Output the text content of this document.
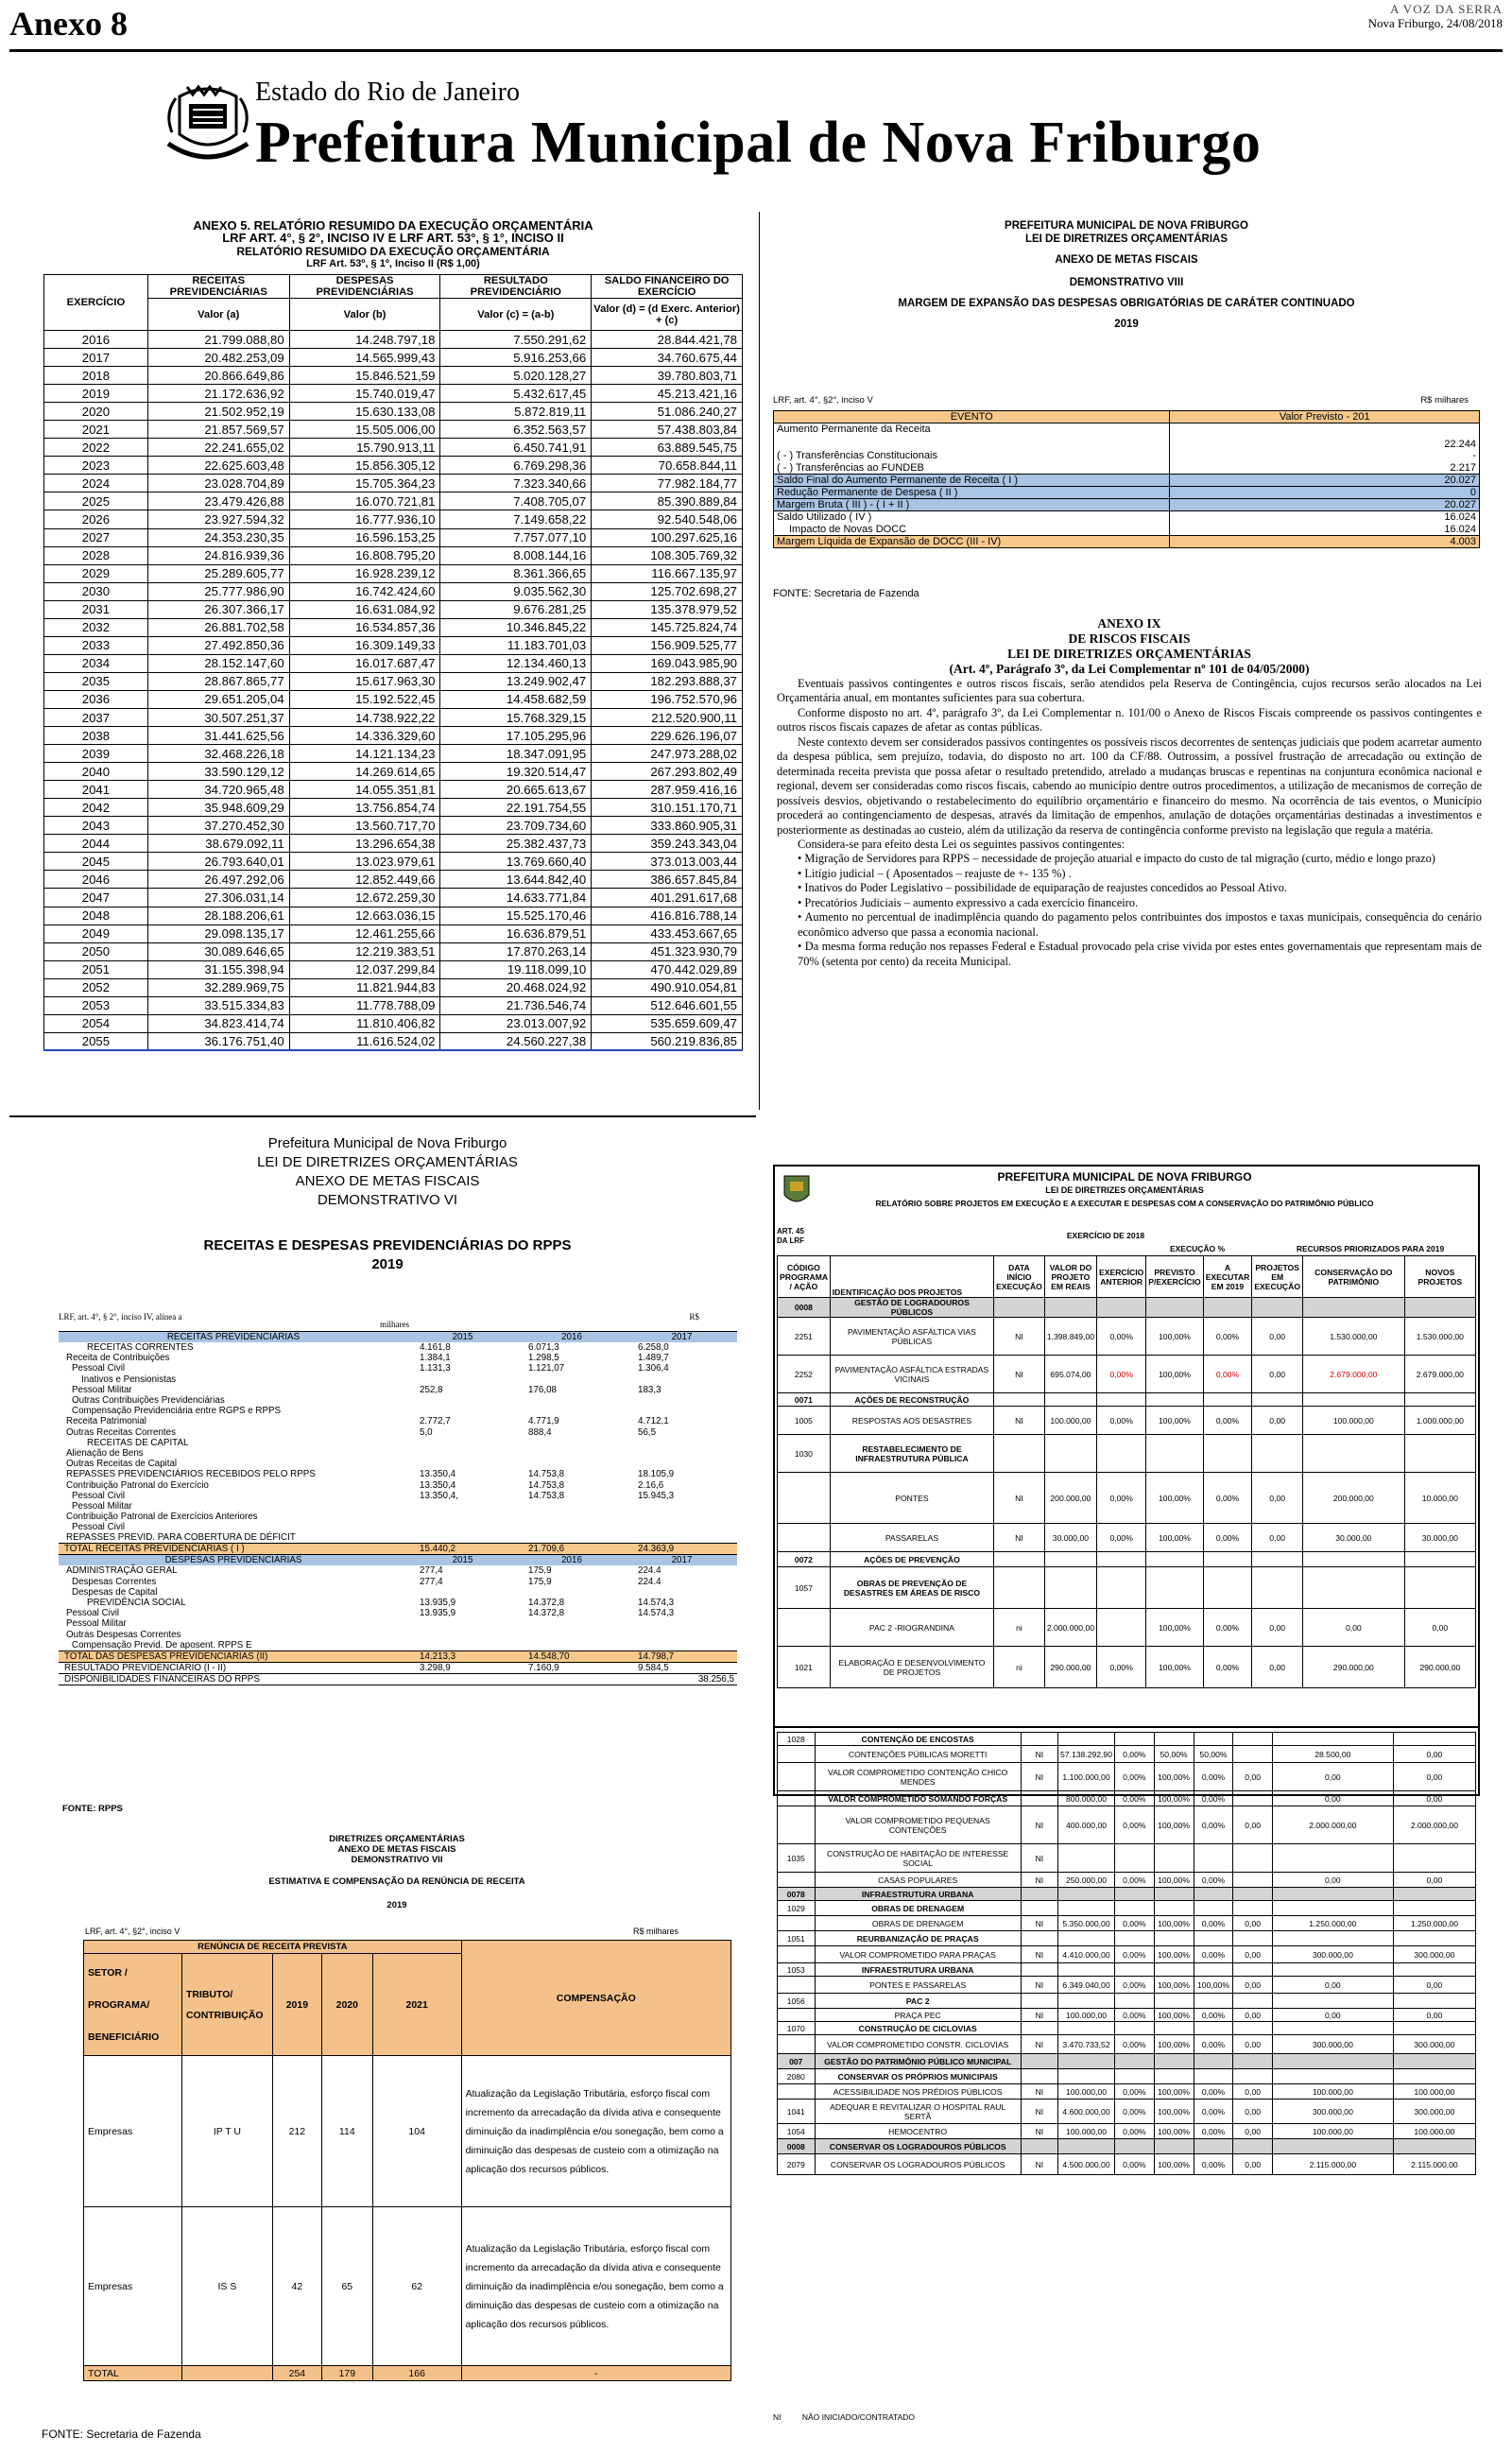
Anexo 8	A VOZ DA SERRA
Nova Friburgo, 24/08/2018
Estado do Rio de Janeiro
Prefeitura Municipal de Nova Friburgo
ANEXO 5. RELATÓRIO RESUMIDO DA EXECUÇÃO ORÇAMENTÁRIA
LRF ART. 4°, § 2°, INCISO IV E LRF ART. 53°, § 1°, INCISO II
RELATÓRIO RESUMIDO DA EXECUÇÃO ORÇAMENTÁRIA
LRF Art. 53º, § 1º, Inciso II (R$ 1,00)
EXERCÍCIO	RECEITAS PREVIDENCIÁRIAS	DESPESAS PREVIDENCIÁRIAS	RESULTADO PREVIDENCIÁRIO	SALDO FINANCEIRO DO EXERCÍCIO
	Valor (a)	Valor (b)	Valor (c) = (a-b)	Valor (d) = (d Exerc. Anterior) + (c)
2016	21.799.088,80	14.248.797,18	7.550.291,62	28.844.421,78
2017	20.482.253,09	14.565.999,43	5.916.253,66	34.760.675,44
2018	20.866.649,86	15.846.521,59	5.020.128,27	39.780.803,71
2019	21.172.636,92	15.740.019,47	5.432.617,45	45.213.421,16
2020	21.502.952,19	15.630.133,08	5.872.819,11	51.086.240,27
2021	21.857.569,57	15.505.006,00	6.352.563,57	57.438.803,84
2022	22.241.655,02	15.790.913,11	6.450.741,91	63.889.545,75
2023	22.625.603,48	15.856.305,12	6.769.298,36	70.658.844,11
2024	23.028.704,89	15.705.364,23	7.323.340,66	77.982.184,77
2025	23.479.426,88	16.070.721,81	7.408.705,07	85.390.889,84
2026	23.927.594,32	16.777.936,10	7.149.658,22	92.540.548,06
2027	24.353.230,35	16.596.153,25	7.757.077,10	100.297.625,16
2028	24.816.939,36	16.808.795,20	8.008.144,16	108.305.769,32
2029	25.289.605,77	16.928.239,12	8.361.366,65	116.667.135,97
2030	25.777.986,90	16.742.424,60	9.035.562,30	125.702.698,27
2031	26.307.366,17	16.631.084,92	9.676.281,25	135.378.979,52
2032	26.881.702,58	16.534.857,36	10.346.845,22	145.725.824,74
2033	27.492.850,36	16.309.149,33	11.183.701,03	156.909.525,77
2034	28.152.147,60	16.017.687,47	12.134.460,13	169.043.985,90
2035	28.867.865,77	15.617.963,30	13.249.902,47	182.293.888,37
2036	29.651.205,04	15.192.522,45	14.458.682,59	196.752.570,96
2037	30.507.251,37	14.738.922,22	15.768.329,15	212.520.900,11
2038	31.441.625,56	14.336.329,60	17.105.295,96	229.626.196,07
2039	32.468.226,18	14.121.134,23	18.347.091,95	247.973.288,02
2040	33.590.129,12	14.269.614,65	19.320.514,47	267.293.802,49
2041	34.720.965,48	14.055.351,81	20.665.613,67	287.959.416,16
2042	35.948.609,29	13.756.854,74	22.191.754,55	310.151.170,71
2043	37.270.452,30	13.560.717,70	23.709.734,60	333.860.905,31
2044	38.679.092,11	13.296.654,38	25.382.437,73	359.243.343,04
2045	26.793.640,01	13.023.979,61	13.769.660,40	373.013.003,44
2046	26.497.292,06	12.852.449,66	13.644.842,40	386.657.845,84
2047	27.306.031,14	12.672.259,30	14.633.771,84	401.291.617,68
2048	28.188.206,61	12.663.036,15	15.525.170,46	416.816.788,14
2049	29.098.135,17	12.461.255,66	16.636.879,51	433.453.667,65
2050	30.089.646,65	12.219.383,51	17.870.263,14	451.323.930,79
2051	31.155.398,94	12.037.299,84	19.118.099,10	470.442.029,89
2052	32.289.969,75	11.821.944,83	20.468.024,92	490.910.054,81
2053	33.515.334,83	11.778.788,09	21.736.546,74	512.646.601,55
2054	34.823.414,74	11.810.406,82	23.013.007,92	535.659.609,47
2055	36.176.751,40	11.616.524,02	24.560.227,38	560.219.836,85
PREFEITURA MUNICIPAL DE NOVA FRIBURGO
LEI DE DIRETRIZES ORÇAMENTÁRIAS
ANEXO DE METAS FISCAIS
DEMONSTRATIVO VIII
MARGEM DE EXPANSÃO DAS DESPESAS OBRIGATÓRIAS DE CARÁTER CONTINUADO
2019
LRF, art. 4°, §2°, inciso V	R$ milhares
EVENTO	Valor Previsto - 201
Aumento Permanente da Receita	22.244
( - ) Transferências Constitucionais	-
( - ) Transferências ao FUNDEB	2.217
Saldo Final do Aumento Permanente de Receita ( I )	20.027
Redução Permanente de Despesa ( II )	0
Margem Bruta ( III ) - ( I + II )	20.027
Saldo Utilizado ( IV )	16.024
Impacto de Novas DOCC	16.024
Margem Líquida de Expansão de DOCC (III - IV)	4.003
FONTE: Secretaria de Fazenda
ANEXO IX
DE RISCOS FISCAIS
LEI DE DIRETRIZES ORÇAMENTÁRIAS
(Art. 4º, Parágrafo 3º, da Lei Complementar nº 101 de 04/05/2000)

Eventuais passivos contingentes e outros riscos fiscais, serão atendidos pela Reserva de Contingência, cujos recursos serão alocados na Lei Orçamentária anual, em montantes suficientes para sua cobertura.

Conforme disposto no art. 4º, parágrafo 3º, da Lei Complementar n. 101/00 o Anexo de Riscos Fiscais compreende os passivos contingentes e outros riscos fiscais capazes de afetar as contas públicas.

Neste contexto devem ser considerados passivos contingentes os possíveis riscos decorrentes de sentenças judiciais que podem acarretar aumento da despesa pública, sem prejuízo, todavia, do disposto no art. 100 da CF/88. Outrossim, a possível frustração de arrecadação ou extinção de determinada receita prevista que possa afetar o resultado pretendido, atrelado a mudanças bruscas e repentinas na conjuntura econômica nacional e regional, devem ser consideradas como riscos fiscais, cabendo ao município dentre outros procedimentos, a utilização de mecanismos de correção de possíveis desvios, objetivando o restabelecimento do equilíbrio orçamentário e financeiro do mesmo. Na ocorrência de tais eventos, o Município procederá ao contingenciamento de despesas, através da limitação de empenhos, anulação de dotações orçamentárias destinadas a investimentos e posteriormente as destinadas ao custeio, além da utilização da reserva de contingência conforme previsto na legislação que regula a matéria.

Considera-se para efeito desta Lei os seguintes passivos contingentes:

• Migração de Servidores para RPPS – necessidade de projeção atuarial e impacto do custo de tal migração (curto, médio e longo prazo)

• Litígio judicial – ( Aposentados – reajuste de +- 135 %) .

• Inativos do Poder Legislativo – possibilidade de equiparação de reajustes concedidos ao Pessoal Ativo.

• Precatórios Judiciais – aumento expressivo a cada exercício financeiro.

• Aumento no percentual de inadimplência quando do pagamento pelos contribuintes dos impostos e taxas municipais, consequência do cenário econômico adverso que passa a economia nacional.

• Da mesma forma redução nos repasses Federal e Estadual provocado pela crise vivida por estes entes governamentais que representam mais de 70% (setenta por cento) da receita Municipal.

Prefeitura Municipal de Nova Friburgo
LEI DE DIRETRIZES ORÇAMENTÁRIAS
ANEXO DE METAS FISCAIS
DEMONSTRATIVO VI
RECEITAS E DESPESAS PREVIDENCIÁRIAS DO RPPS
2019
LRF, art. 4°, § 2°, inciso IV, alínea a
milhares
R$
RECEITAS PREVIDENCIÁRIAS	2015	2016	2017
RECEITAS CORRENTES	4.161,8	6.071,3	6.258,0
Receita de Contribuições	1.384,1	1.298,5	1.489,7
Pessoal Civil	1.131,3	1.121,07	1.306,4
Inativos e Pensionistas			
Pessoal Militar	252,8	176,08	183,3
Outras Contribuições Previdenciárias			
Compensação Previdenciária entre RGPS e RPPS			
Receita Patrimonial	2.772,7	4.771,9	4.712,1
Outras Receitas Correntes	5,0	888,4	56,5
RECEITAS DE CAPITAL			
Alienação de Bens			
Outras Receitas de Capital			
REPASSES PREVIDENCIÁRIOS RECEBIDOS PELO RPPS	13.350,4	14.753,8	18.105,9
Contribuição Patronal do Exercício	13.350,4	14.753,8	2.16,6
Pessoal Civil	13.350,4,	14.753,8	15.945,3
Pessoal Militar			
Contribuição Patronal de Exercícios Anteriores			
Pessoal Civil			
REPASSES PREVID. PARA COBERTURA DE DÉFICIT			
TOTAL RECEITAS PREVIDENCIÁRIAS ( I )	15.440,2	21.709,6	24.363,9
DESPESAS PREVIDENCIÁRIAS	2015	2016	2017
ADMINISTRAÇÃO GERAL	277,4	175,9	224.4
Despesas Correntes	277,4	175,9	224.4
Despesas de Capital			
PREVIDÊNCIA SOCIAL	13.935,9	14.372,8	14.574,3
Pessoal Civil	13.935,9	14.372,8	14.574,3
Pessoal Militar			
Outras Despesas Correntes			
Compensação Previd. De aposent. RPPS E			
TOTAL DAS DESPESAS PREVIDENCIÁRIAS (II)	14.213,3	14.548,70	14.798,7
RESULTADO PREVIDENCIÁRIO (I - II)	3.298,9	7.160,9	9.584,5
DISPONIBILIDADES FINANCEIRAS DO RPPS			38.256,5
FONTE: RPPS
DIRETRIZES ORÇAMENTÁRIAS
ANEXO DE METAS FISCAIS
DEMONSTRATIVO VII
ESTIMATIVA E COMPENSAÇÃO DA RENÚNCIA DE RECEITA
2019
LRF, art. 4°, §2°, inciso V	R$ milhares
RENÚNCIA DE RECEITA PREVISTA					COMPENSAÇÃO
SETOR / PROGRAMA/ BENEFICIÁRIO	TRIBUTO/ CONTRIBUIÇÃO	2019	2020	2021	
Empresas	IP T U	212	114	104	Atualização da Legislação Tributária, esforço fiscal com incremento da arrecadação da dívida ativa e consequente diminuição da inadimplência e/ou sonegação, bem como a diminuição das despesas de custeio com a otimização na aplicação dos recursos públicos.
Empresas	IS S	42	65	62	Atualização da Legislação Tributária, esforço fiscal com incremento da arrecadação da dívida ativa e consequente diminuição da inadimplência e/ou sonegação, bem como a diminuição das despesas de custeio com a otimização na aplicação dos recursos públicos.
TOTAL		254	179	166	-
FONTE: Secretaria de Fazenda
PREFEITURA MUNICIPAL DE NOVA FRIBURGO
LEI DE DIRETRIZES ORÇAMENTÁRIAS
RELATÓRIO SOBRE PROJETOS EM EXECUÇÃO E A EXECUTAR E DESPESAS COM A CONSERVAÇÃO DO PATRIMÔNIO PÚBLICO
ART. 45 DA LRF
EXERCÍCIO DE 2018
EXECUÇÃO %	RECURSOS PRIORIZADOS PARA 2019
CÓDIGO PROGRAMA / AÇÃO	IDENTIFICAÇÃO DOS PROJETOS	DATA INÍCIO EXECUÇÃO	VALOR DO PROJETO EM REAIS	EXERCÍCIO ANTERIOR	PREVISTO P/EXERCÍCIO	A EXECUTAR EM 2019	PROJETOS EM EXECUÇÃO	CONSERVAÇÃO DO PATRIMÔNIO	NOVOS PROJETOS
0008	GESTÃO DE LOGRADOUROS PÚBLICOS								
2251	PAVIMENTAÇÃO ASFÁLTICA VIAS PÚBLICAS	NI	1.398.849,00	0,00%	100,00%	0,00%	0,00	1.530.000,00	1.530.000,00
2252	PAVIMENTAÇÃO ASFÁLTICA ESTRADAS VICINAIS	NI	695.074,00	0,00%	100,00%	0,00%	0,00	2.679.000,00	2.679.000,00
0071	AÇÕES DE RECONSTRUÇÃO								
1005	RESPOSTAS AOS DESASTRES	NI	100.000,00	0,00%	100,00%	0,00%	0,00	100.000,00	1.000.000,00
1030	RESTABELECIMENTO DE INFRAESTRUTURA PÚBLICA								
	PONTES	NI	200.000,00	0,00%	100,00%	0,00%	0,00	200.000,00	10.000,00
	PASSARELAS	NI	30.000,00	0,00%	100,00%	0,00%	0,00	30.000,00	30.000,00
0072	AÇÕES DE PREVENÇÃO								
1057	OBRAS DE PREVENÇÃO DE DESASTRES EM ÁREAS DE RISCO								
	PAC 2 -RIOGRANDINA	ni	2.000.000,00		100,00%	0,00%	0,00	0,00	0,00
1021	ELABORAÇÃO E DESENVOLVIMENTO DE PROJETOS	ni	290.000,00	0,00%	100,00%	0,00%	0,00	290.000,00	290.000,00
1028	CONTENÇÃO DE ENCOSTAS								
	CONTENÇÕES PÚBLICAS MORETTI	NI	57.138.292,90	0,00%	50,00%	50,00%		28.500,00	0,00
	VALOR COMPROMETIDO CONTENÇÃO CHICO MENDES	NI	1.100.000,00	0,00%	100,00%	0,00%	0,00	0,00	0,00
	VALOR COMPROMETIDO SOMANDO FORÇAS		800.000,00	0,00%	100,00%	0,00%		0,00	0,00
	VALOR COMPROMETIDO PEQUENAS CONTENÇÕES	NI	400.000,00	0,00%	100,00%	0,00%	0,00	2.000.000,00	2.000.000,00
1035	CONSTRUÇÃO DE HABITAÇÃO DE INTERESSE SOCIAL	NI							
	CASAS POPULARES	NI	250.000,00	0,00%	100,00%	0,00%		0,00	0,00
0078	INFRAESTRUTURA URBANA								
1029	OBRAS DE DRENAGEM								
	OBRAS DE DRENAGEM	NI	5.350.000,00	0,00%	100,00%	0,00%	0,00	1.250.000,00	1.250.000,00
1051	REURBANIZAÇÃO DE PRAÇAS								
	VALOR COMPROMETIDO PARA PRAÇAS	NI	4.410.000,00	0,00%	100,00%	0,00%	0,00	300.000,00	300.000,00
1053	INFRAESTRUTURA URBANA								
	PONTES E PASSARELAS	NI	6.349.040,00	0,00%	100,00%	100,00%	0,00	0,00	0,00
1056	PAC 2								
	PRAÇA PEC	NI	100.000,00	0,00%	100,00%	0,00%	0,00	0,00	0,00
1070	CONSTRUÇÃO DE CICLOVIAS								
	VALOR COMPROMETIDO CONSTR. CICLOVIAS	NI	3.470.733,52	0,00%	100,00%	0,00%	0,00	300.000,00	300.000,00
007	GESTÃO DO PATRIMÔNIO PÚBLICO MUNICIPAL								
2080	CONSERVAR OS PRÓPRIOS MUNICIPAIS								
	ACESSIBILIDADE NOS PRÉDIOS PÚBLICOS	NI	100.000,00	0,00%	100,00%	0,00%	0,00	100.000,00	100.000,00
1041	ADEQUAR E REVITALIZAR O HOSPITAL RAUL SERTÃ	NI	4.600.000,00	0,00%	100,00%	0,00%	0,00	300.000,00	300.000,00
1054	HEMOCENTRO	NI	100.000,00	0,00%	100,00%	0,00%	0,00	100.000,00	100.000,00
0008	CONSERVAR OS LOGRADOUROS PÚBLICOS								
2079	CONSERVAR OS LOGRADOUROS PÚBLICOS	NI	4.500.000,00	0,00%	100,00%	0,00%	0,00	2.115.000,00	2.115.000,00
NI	NÃO INICIADO/CONTRATADO
